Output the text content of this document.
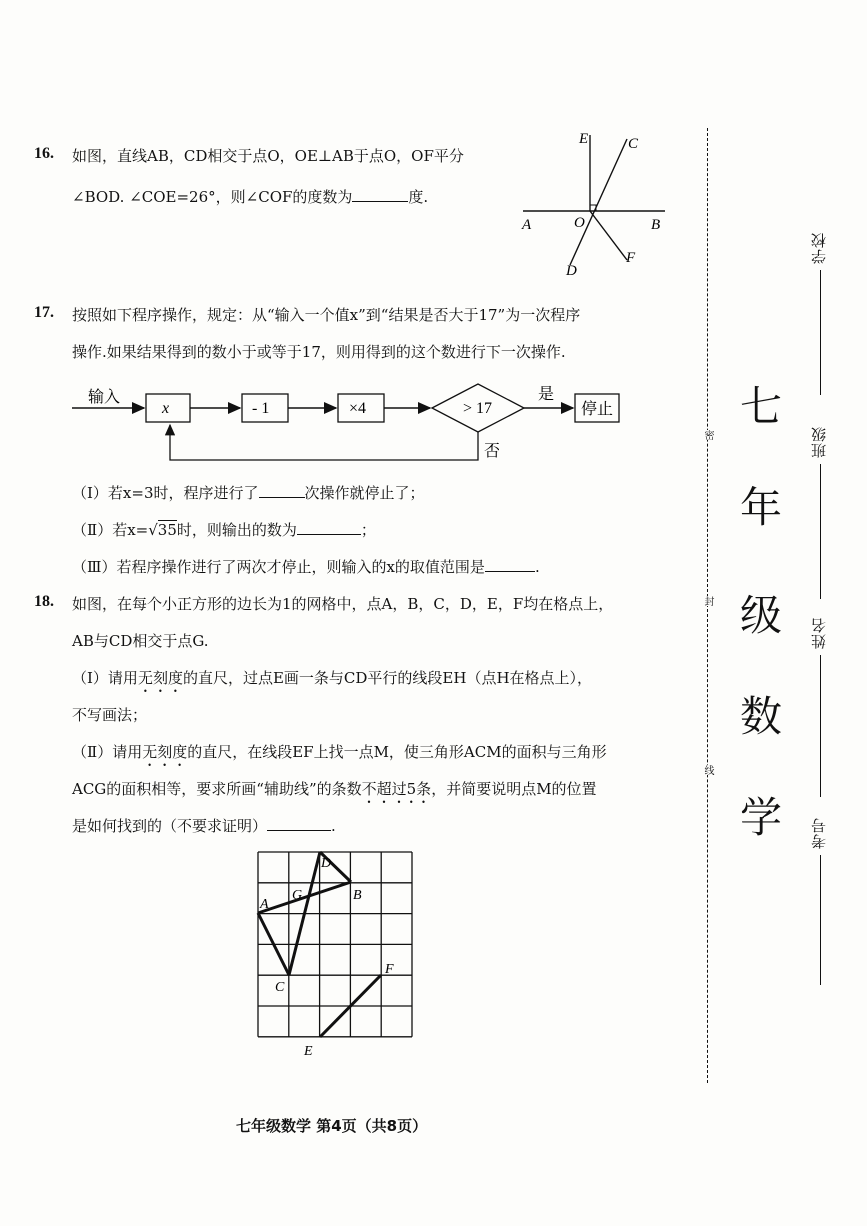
16. 如图，直线AB，CD相交于点O，OE⊥AB于点O，OF平分
∠BOD. ∠COE=26°，则∠COF的度数为	度.
E	C
A	O	B
D
F
17. 按照如下程序操作，规定：从“输入一个值x”到“结果是否大于17”为一次程序
操作.如果结果得到的数小于或等于17，则用得到的这个数进行下一次操作.
输入
x	- 1	×4	> 17
是
停止
否
（Ⅰ）若x=3时，程序进行了	次操作就停止了；
（Ⅱ）若x=√35时，则输出的数为	；
（Ⅲ）若程序操作进行了两次才停止，则输入的x的取值范围是	.
18. 如图，在每个小正方形的边长为1的网格中，点A，B，C，D，E，F均在格点上，
AB与CD相交于点G.
（Ⅰ）请用无刻度的直尺，过点E画一条与CD平行的线段EH（点H在格点上），
不写画法；
（Ⅱ）请用无刻度的直尺，在线段EF上找一点M，使三角形ACM的面积与三角形
ACG的面积相等，要求所画“辅助线”的条数不超过5条，并简要说明点M的位置
是如何找到的（不要求证明）	.
D
G	B
A
C
F
E
密
封
线
七
年
级
数
学
学校
班级
姓名
考号
七年级数学 第4页（共8页）
